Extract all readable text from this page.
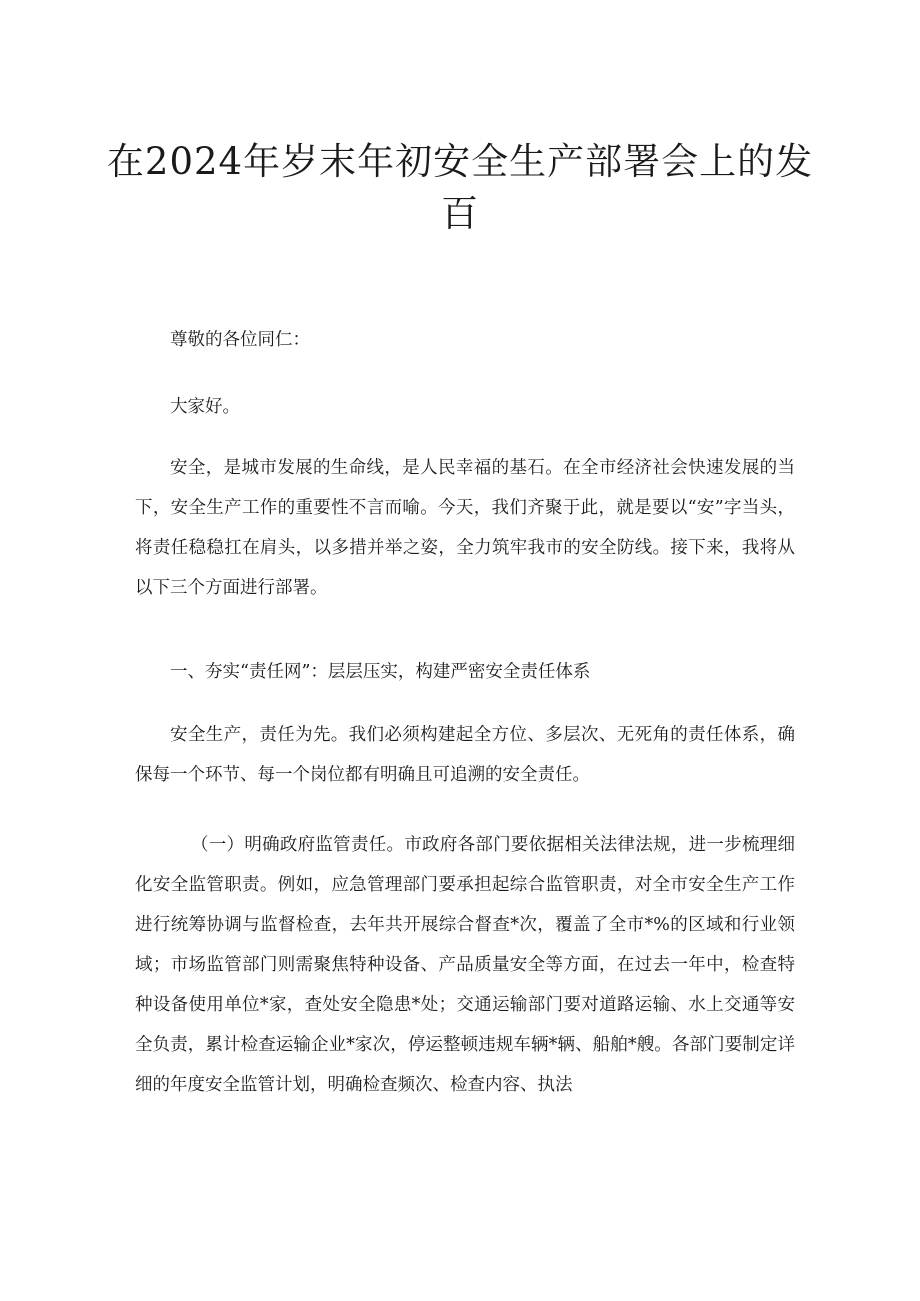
在2024年岁末年初安全生产部署会上的发百

尊敬的各位同仁：

大家好。

安全，是城市发展的生命线，是人民幸福的基石。在全市经济社会快速发展的当下，安全生产工作的重要性不言而喻。今天，我们齐聚于此，就是要以“安”字当头，将责任稳稳扛在肩头，以多措并举之姿，全力筑牢我市的安全防线。接下来，我将从以下三个方面进行部署。

一、夯实“责任网”：层层压实，构建严密安全责任体系

安全生产，责任为先。我们必须构建起全方位、多层次、无死角的责任体系，确保每一个环节、每一个岗位都有明确且可追溯的安全责任。

（一）明确政府监管责任。市政府各部门要依据相关法律法规，进一步梳理细化安全监管职责。例如，应急管理部门要承担起综合监管职责，对全市安全生产工作进行统筹协调与监督检查，去年共开展综合督查*次，覆盖了全市*%的区域和行业领域；市场监管部门则需聚焦特种设备、产品质量安全等方面，在过去一年中，检查特种设备使用单位*家，查处安全隐患*处；交通运输部门要对道路运输、水上交通等安全负责，累计检查运输企业*家次，停运整顿违规车辆*辆、船舶*艘。各部门要制定详细的年度安全监管计划，明确检查频次、检查内容、执法
